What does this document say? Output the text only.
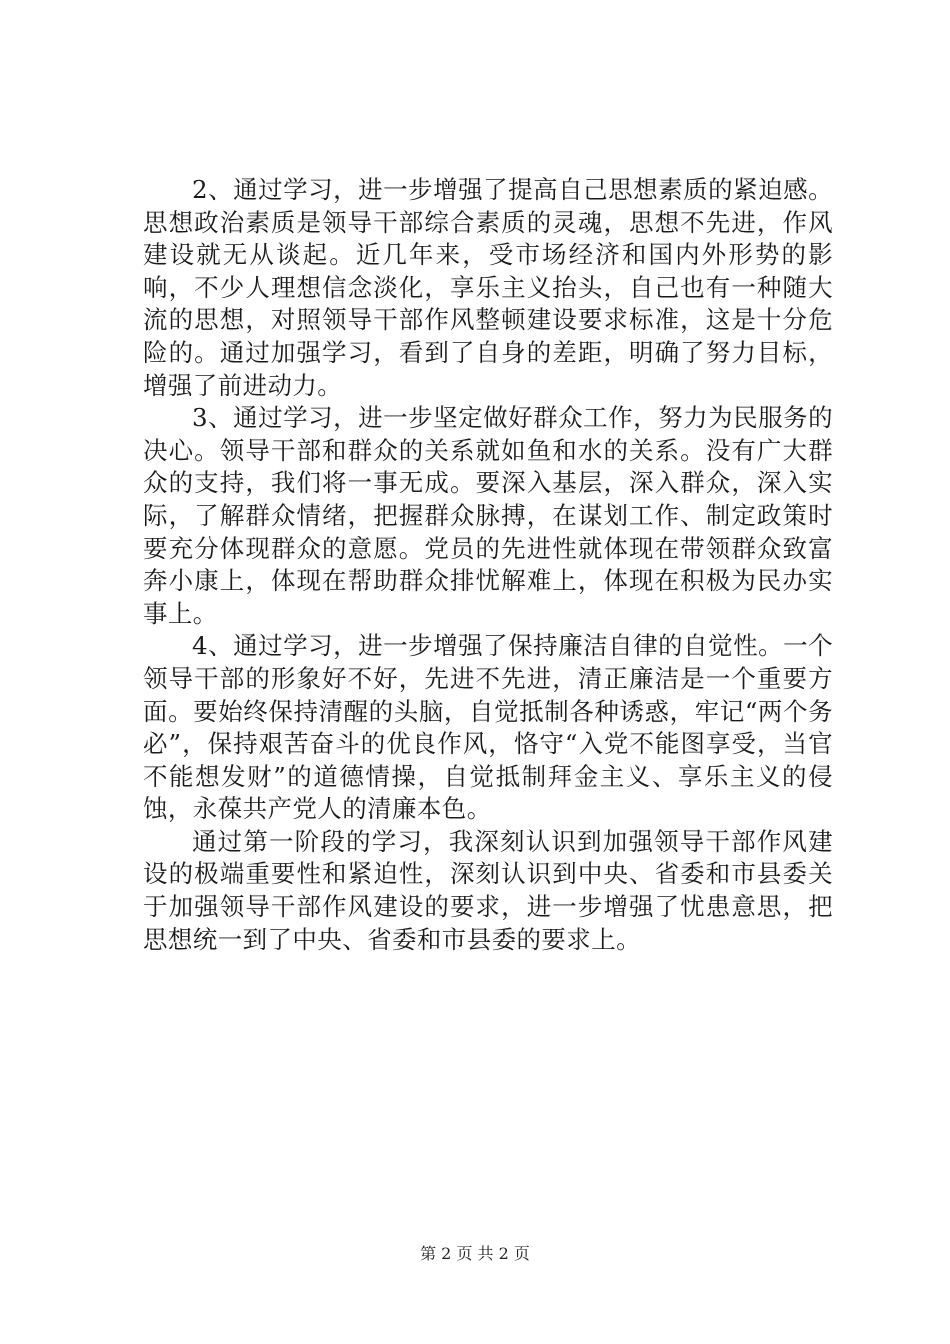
2、通过学习，进一步增强了提高自己思想素质的紧迫感。思想政治素质是领导干部综合素质的灵魂，思想不先进，作风建设就无从谈起。近几年来，受市场经济和国内外形势的影响，不少人理想信念淡化，享乐主义抬头，自己也有一种随大流的思想，对照领导干部作风整顿建设要求标准，这是十分危险的。通过加强学习，看到了自身的差距，明确了努力目标，增强了前进动力。

3、通过学习，进一步坚定做好群众工作，努力为民服务的决心。领导干部和群众的关系就如鱼和水的关系。没有广大群众的支持，我们将一事无成。要深入基层，深入群众，深入实际，了解群众情绪，把握群众脉搏，在谋划工作、制定政策时要充分体现群众的意愿。党员的先进性就体现在带领群众致富奔小康上，体现在帮助群众排忧解难上，体现在积极为民办实事上。

4、通过学习，进一步增强了保持廉洁自律的自觉性。一个领导干部的形象好不好，先进不先进，清正廉洁是一个重要方面。要始终保持清醒的头脑，自觉抵制各种诱惑，牢记“两个务必”，保持艰苦奋斗的优良作风，恪守“入党不能图享受，当官不能想发财”的道德情操，自觉抵制拜金主义、享乐主义的侵蚀，永葆共产党人的清廉本色。

通过第一阶段的学习，我深刻认识到加强领导干部作风建设的极端重要性和紧迫性，深刻认识到中央、省委和市县委关于加强领导干部作风建设的要求，进一步增强了忧患意思，把思想统一到了中央、省委和市县委的要求上。

第 2 页 共 2 页
